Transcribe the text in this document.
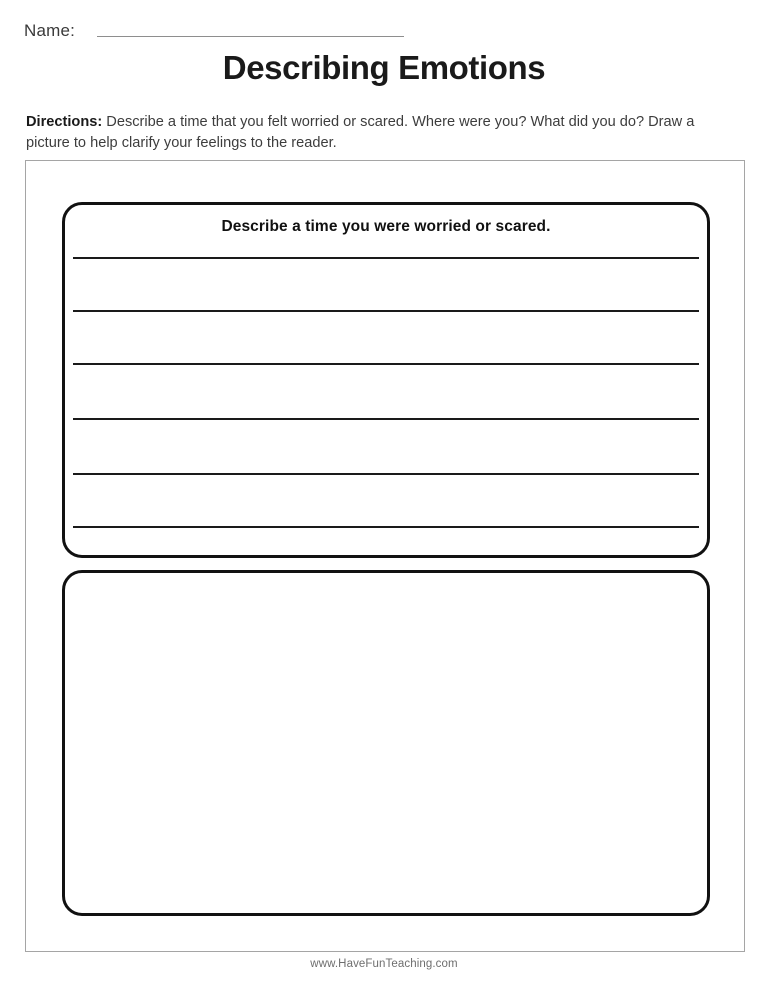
Name:
Describing Emotions
Directions: Describe a time that you felt worried or scared. Where were you? What did you do? Draw a picture to help clarify your feelings to the reader.
Describe a time you were worried or scared.
www.HaveFunTeaching.com
